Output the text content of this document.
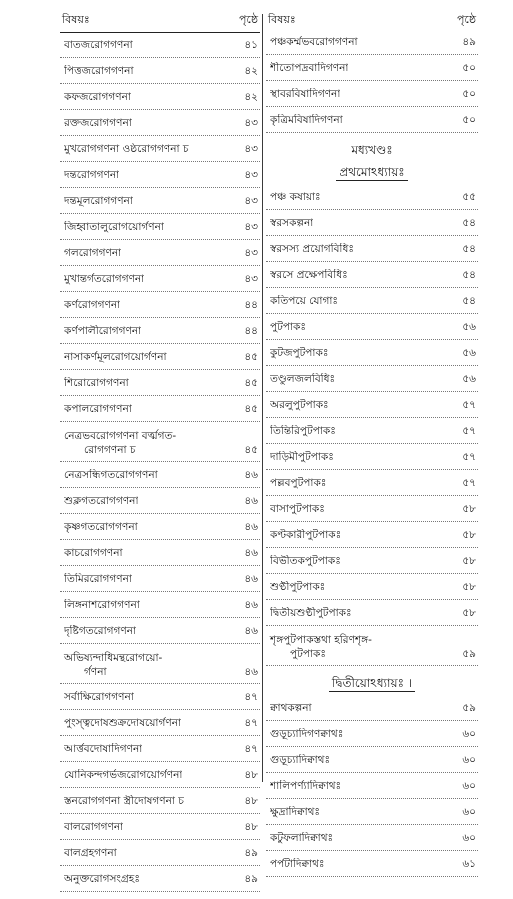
বিষয়ঃ	পৃষ্ঠে
বাতজরোগগণনা	৪১
পিত্তজরোগগণনা	৪২
কফজরোগগণনা	৪২
রক্তজরোগগণনা	৪৩
মুখরোগগণনা ওষ্ঠরোগগণনা চ	৪৩
দন্তরোগগণনা	৪৩
দন্তমূলরোগগণনা	৪৩
জিহ্বাতালুরোগয়োর্গণনা	৪৩
গলরোগগণনা	৪৩
মুখান্তর্গতরোগগণনা	৪৩
কর্ণরোগগণনা	৪৪
কর্ণপালীরোগগণনা	৪৪
নাসাকর্ণমূলরোগয়োর্গণনা	৪৫
শিরোরোগগণনা	৪৫
কপালরোগগণনা	৪৫
নেত্রভবরোগগণনা বর্ত্মগত-
রোগগণনা চ	৪৫
নেত্রসন্ধিগতরোগগণনা	৪৬
শুক্লগতরোগগণনা	৪৬
কৃষ্ণগতরোগগণনা	৪৬
কাচরোগগণনা	৪৬
তিমিররোগগণনা	৪৬
লিঙ্গনাশরোগগণনা	৪৬
দৃষ্টিগতরোগগণনা	৪৬
অভিষ্যন্দাধিমন্থরোগয়ো-
র্গণনা	৪৬
সর্বাক্ষিরোগগণনা	৪৭
পুংস্ত্বদোষশুক্রদোষয়োর্গণনা	৪৭
আর্ত্তবদোষাদিগণনা	৪৭
যোনিকন্দগর্ভজরোগয়োর্গণনা	৪৮
স্তনরোগগণনা স্ত্রীদোষগণনা চ	৪৮
বালরোগগণনা	৪৮
বালগ্রহগণনা	৪৯
অনুক্তরোগসংগ্রহঃ	৪৯
বিষয়ঃ	পৃষ্ঠে
পঞ্চকর্ম্মভবরোগগণনা	৪৯
শীতোপদ্রবাদিগণনা	৫০
স্থাবরবিষাদিগণনা	৫০
কৃত্রিমবিষাদিগণনা	৫০
মধ্যখণ্ডঃ
প্রথমোঽধ্যায়ঃ
পঞ্চ কষায়াঃ	৫৫
স্বরসকল্পনা	৫৪
স্বরসস্য প্রয়োগবিধিঃ	৫৪
স্বরসে প্রক্ষেপবিধিঃ	৫৪
কতিপয়ে যোগাঃ	৫৪
পুটপাকঃ	৫৬
কুটজপুটপাকঃ	৫৬
তণ্ডুলজলবিধিঃ	৫৬
অরলুপুটপাকঃ	৫৭
তিন্তিরিপুটপাকঃ	৫৭
দাড়িমীপুটপাকঃ	৫৭
পল্লবপুটপাকঃ	৫৭
বাসাপুটপাকঃ	৫৮
কণ্টকারীপুটপাকঃ	৫৮
বিভীতকপুটপাকঃ	৫৮
শুণ্ঠীপুটপাকঃ	৫৮
দ্বিতীয়শুণ্ঠীপুটপাকঃ	৫৮
শৃঙ্গপুটপাকস্তথা হরিণশৃঙ্গ-
পুটপাকঃ	৫৯
দ্বিতীয়োঽধ্যায়ঃ ।
ক্বাথকল্পনা	৫৯
গুড়ূচ্যাদিগণক্বাথঃ	৬০
গুড়ূচ্যাদিক্বাথঃ	৬০
শালিপর্ণ্যাদিক্বাথঃ	৬০
ক্ষুদ্রাদিক্বাথঃ	৬০
কটুফলাদিক্বাথঃ	৬০
পর্পটাদিক্বাথঃ	৬১
